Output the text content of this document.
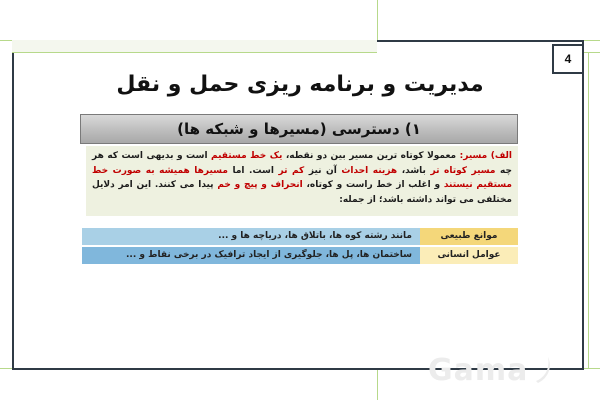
4
مدیریت و برنامه ریزی حمل و نقل
۱) دسترسی (مسیرها و شبکه ها)
الف) مسیر: معمولا کوتاه ترین مسیر بین دو نقطه، یک خط مستقیم است و بدیهی است که هر چه مسیر کوتاه تر باشد، هزینه احداث آن نیز کم تر است. اما مسیرها همیشه به صورت خط مستقیم نیستند و اغلب از خط راست و کوتاه، انحراف و پیچ و خم پیدا می کنند. این امر دلایل مختلفی می تواند داشته باشد؛ از جمله:
موانع طبیعی
مانند رشته کوه ها، باتلاق ها، دریاچه ها و ...
عوامل انسانی
ساختمان ها، پل ها، جلوگیری از ایجاد ترافیک در برخی نقاط و ...
Gama
